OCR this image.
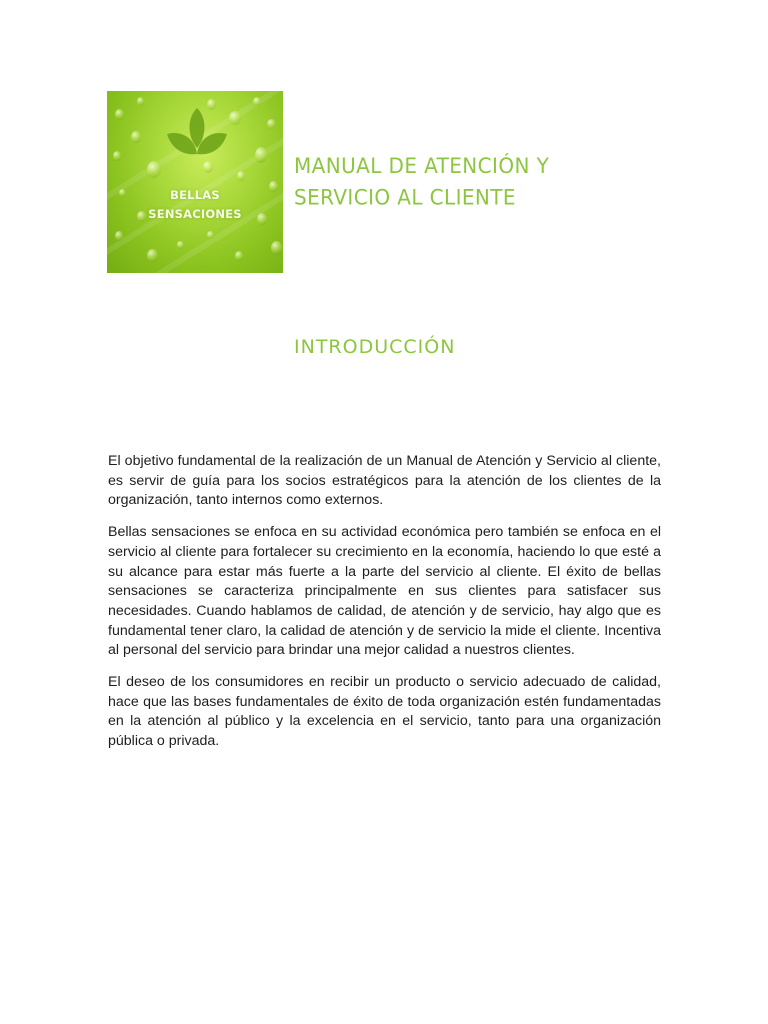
BELLAS
SENSACIONES
MANUAL DE ATENCIÓN Y
SERVICIO AL CLIENTE
INTRODUCCIÓN

El objetivo fundamental de la realización de un Manual de Atención y Servicio al cliente, es servir de guía para los socios estratégicos para la atención de los clientes de la organización, tanto internos como externos.

Bellas sensaciones se enfoca en su actividad económica pero también se enfoca en el servicio al cliente para fortalecer su crecimiento en la economía, haciendo lo que esté a su alcance para estar más fuerte a la parte del servicio al cliente. El éxito de bellas sensaciones se caracteriza principalmente en sus clientes para satisfacer sus necesidades. Cuando hablamos de calidad, de atención y de servicio, hay algo que es fundamental tener claro, la calidad de atención y de servicio la mide el cliente. Incentiva al personal del servicio para brindar una mejor calidad a nuestros clientes.

El deseo de los consumidores en recibir un producto o servicio adecuado de calidad, hace que las bases fundamentales de éxito de toda organización estén fundamentadas en la atención al público y la excelencia en el servicio, tanto para una organización pública o privada.
